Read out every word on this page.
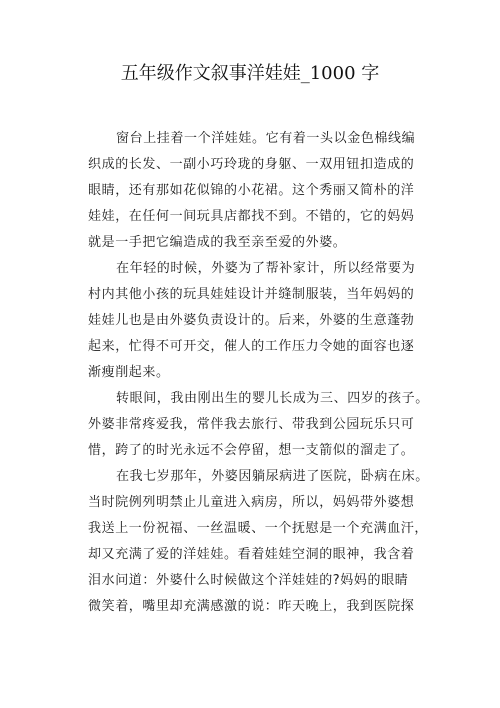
五年级作文叙事洋娃娃_1000 字

窗台上挂着一个洋娃娃。它有着一头以金色棉线编
织成的长发、一副小巧玲珑的身躯、一双用钮扣造成的
眼睛，还有那如花似锦的小花裙。这个秀丽又简朴的洋
娃娃，在任何一间玩具店都找不到。不错的，它的妈妈
就是一手把它编造成的我至亲至爱的外婆。

在年轻的时候，外婆为了帮补家计，所以经常要为
村内其他小孩的玩具娃娃设计并缝制服装，当年妈妈的
娃娃儿也是由外婆负责设计的。后来，外婆的生意蓬勃
起来，忙得不可开交，催人的工作压力令她的面容也逐
渐瘦削起来。

转眼间，我由刚出生的婴儿长成为三、四岁的孩子。
外婆非常疼爱我，常伴我去旅行、带我到公园玩乐只可
惜，跨了的时光永远不会停留，想一支箭似的溜走了。

在我七岁那年，外婆因躺尿病进了医院，卧病在床。
当时院例列明禁止儿童进入病房，所以，妈妈带外婆想
我送上一份祝福、一丝温暖、一个抚慰是一个充满血汗，
却又充满了爱的洋娃娃。看着娃娃空洞的眼神，我含着
泪水问道：外婆什么时候做这个洋娃娃的?妈妈的眼睛
微笑着，嘴里却充满感激的说：昨天晚上，我到医院探
